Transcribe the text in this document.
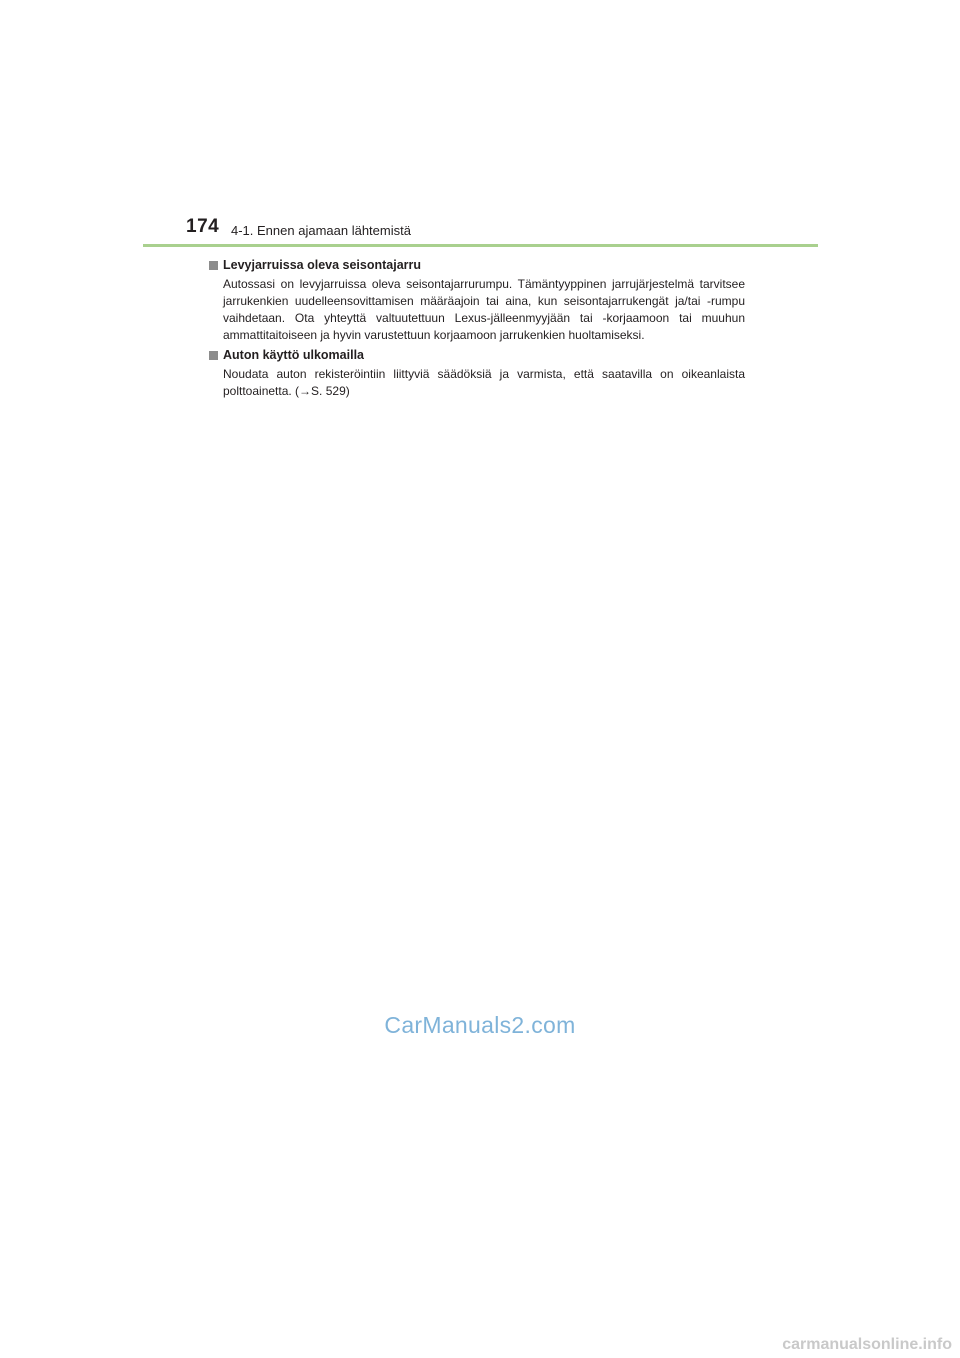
174 4-1. Ennen ajamaan lähtemistä
Levyjarruissa oleva seisontajarru

Autossasi on levyjarruissa oleva seisontajarrurumpu. Tämäntyyppinen jarrujärjestelmä tarvitsee jarrukenkien uudelleensovittamisen määräajoin tai aina, kun seisontajarrukengät ja/tai -rumpu vaihdetaan. Ota yhteyttä valtuutettuun Lexus-jälleenmyyjään tai -korjaamoon tai muuhun ammattitaitoiseen ja hyvin varustettuun korjaamoon jarrukenkien huoltamiseksi.

Auton käyttö ulkomailla

Noudata auton rekisteröintiin liittyviä säädöksiä ja varmista, että saatavilla on oikeanlaista polttoainetta. (→S. 529)

CarManuals2.com
carmanualsonline.info
